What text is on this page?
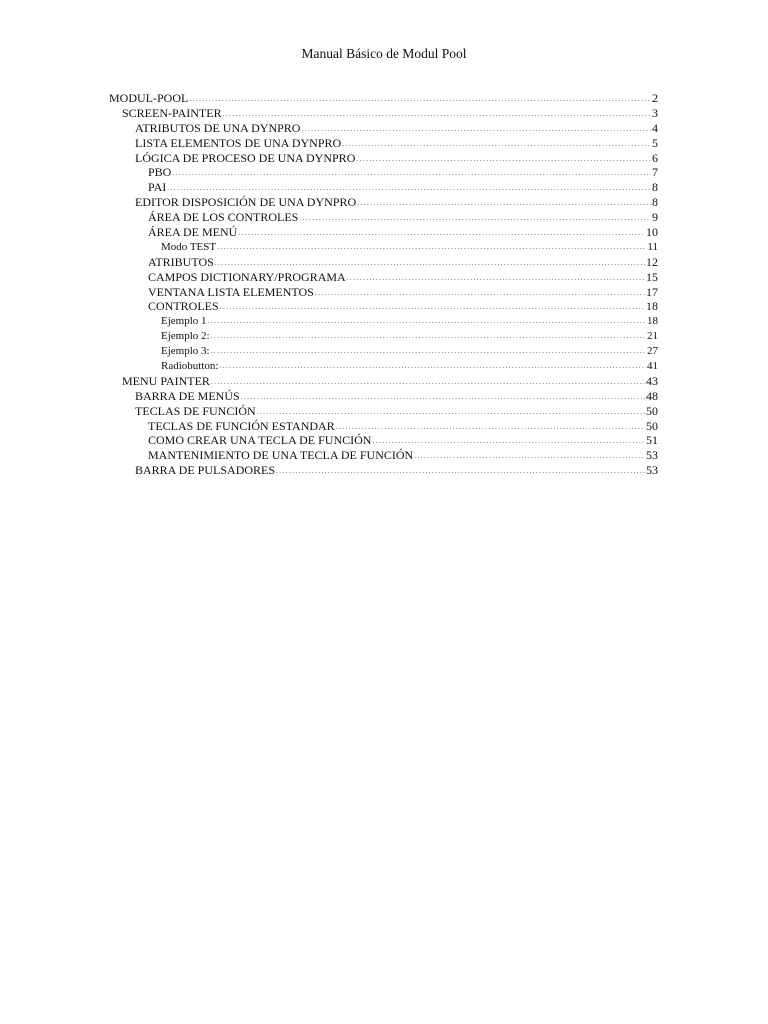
Manual Básico de Modul Pool
MODUL-POOL .....	2
SCREEN-PAINTER .....	3
ATRIBUTOS DE UNA DYNPRO .....	4
LISTA ELEMENTOS DE UNA DYNPRO .....	5
LÓGICA DE PROCESO DE UNA DYNPRO .....	6
PBO .....	7
PAI .....	8
EDITOR DISPOSICIÓN DE UNA DYNPRO .....	8
ÁREA DE LOS CONTROLES .....	9
ÁREA DE MENÚ .....	10
Modo TEST .....	11
ATRIBUTOS .....	12
CAMPOS DICTIONARY/PROGRAMA .....	15
VENTANA LISTA ELEMENTOS .....	17
CONTROLES .....	18
Ejemplo 1 .....	18
Ejemplo 2: .....	21
Ejemplo 3: .....	27
Radiobutton: .....	41
MENU PAINTER .....	43
BARRA DE MENÚS .....	48
TECLAS DE FUNCIÓN .....	50
TECLAS DE FUNCIÓN ESTANDAR .....	50
COMO CREAR UNA TECLA DE FUNCIÓN .....	51
MANTENIMIENTO DE UNA TECLA DE FUNCIÓN .....	53
BARRA DE PULSADORES .....	53
